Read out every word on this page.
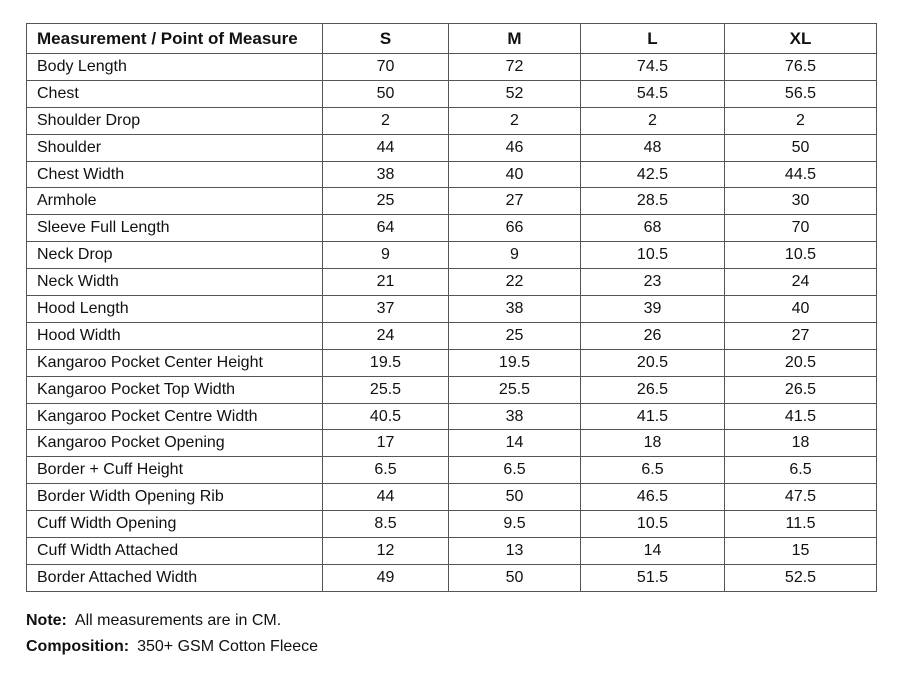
Measurement / Point of Measure	S	M	L	XL
Body Length	70	72	74.5	76.5
Chest	50	52	54.5	56.5
Shoulder Drop	2	2	2	2
Shoulder	44	46	48	50
Chest Width	38	40	42.5	44.5
Armhole	25	27	28.5	30
Sleeve Full Length	64	66	68	70
Neck Drop	9	9	10.5	10.5
Neck Width	21	22	23	24
Hood Length	37	38	39	40
Hood Width	24	25	26	27
Kangaroo Pocket Center Height	19.5	19.5	20.5	20.5
Kangaroo Pocket Top Width	25.5	25.5	26.5	26.5
Kangaroo Pocket Centre Width	40.5	38	41.5	41.5
Kangaroo Pocket Opening	17	14	18	18
Border + Cuff Height	6.5	6.5	6.5	6.5
Border Width Opening Rib	44	50	46.5	47.5
Cuff Width Opening	8.5	9.5	10.5	11.5
Cuff Width Attached	12	13	14	15
Border Attached Width	49	50	51.5	52.5
Note: All measurements are in CM.
Composition: 350+ GSM Cotton Fleece
